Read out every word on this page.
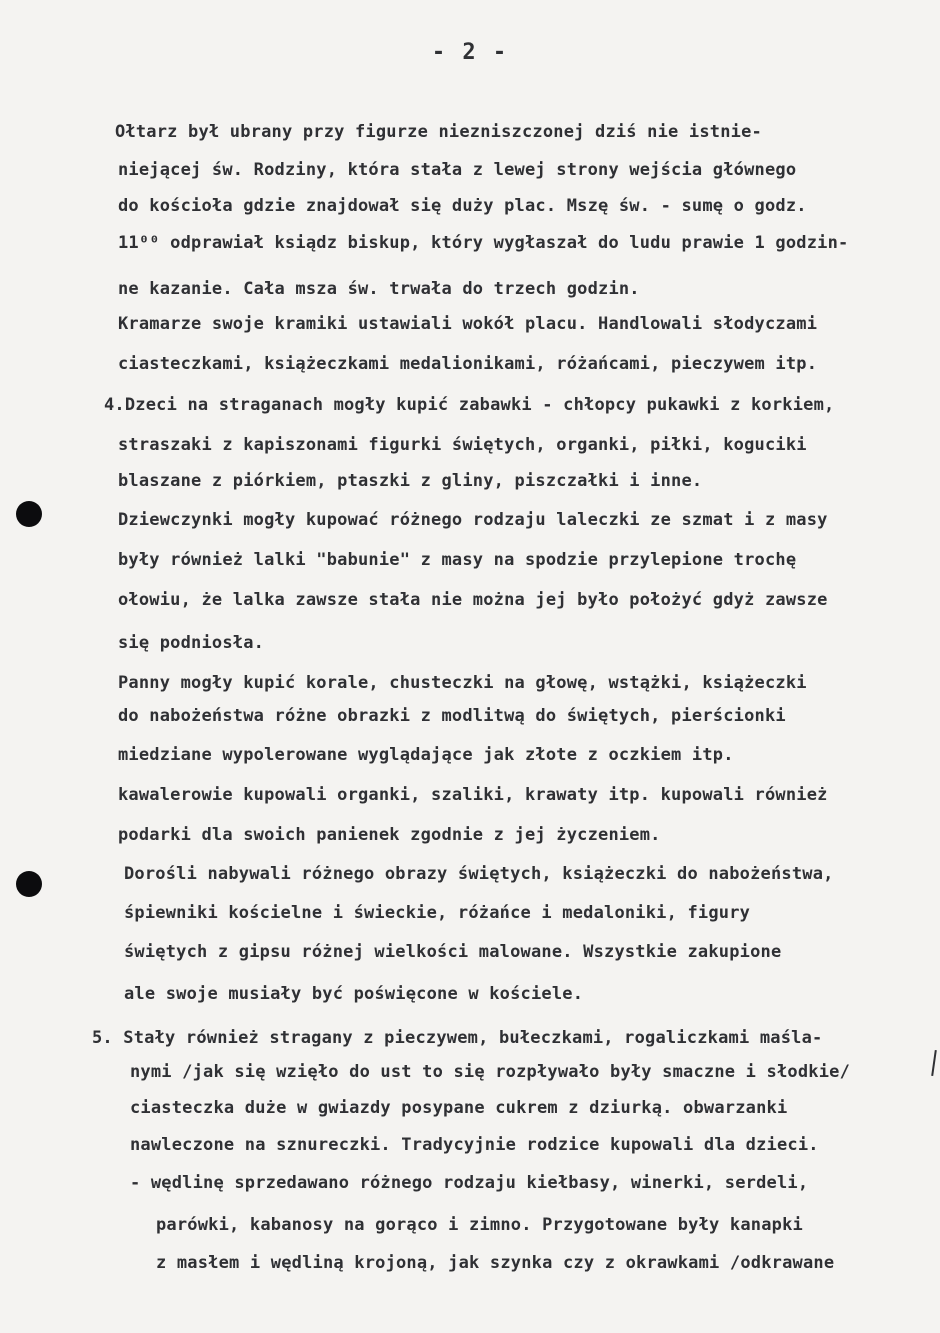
- 2 -
Ołtarz był ubrany przy figurze niezniszczonej dziś nie istnie-
niejącej św. Rodziny, która stała z lewej strony wejścia głównego
do kościoła gdzie znajdował się duży plac. Mszę św. - sumę o godz.
11⁰⁰ odprawiał ksiądz biskup, który wygłaszał do ludu prawie 1 godzin-
ne kazanie. Cała msza św. trwała do trzech godzin.
Kramarze swoje kramiki ustawiali wokół placu. Handlowali słodyczami
ciasteczkami, książeczkami medalionikami, różańcami, pieczywem itp.
4.Dzeci na straganach mogły kupić zabawki - chłopcy pukawki z korkiem,
straszaki z kapiszonami figurki świętych, organki, piłki, koguciki
blaszane z piórkiem, ptaszki z gliny, piszczałki i inne.
Dziewczynki mogły kupować różnego rodzaju laleczki ze szmat i z masy
były również lalki "babunie" z masy na spodzie przylepione trochę
ołowiu, że lalka zawsze stała nie można jej było położyć gdyż zawsze
się podniosła.
Panny mogły kupić korale, chusteczki na głowę, wstążki, książeczki
do nabożeństwa różne obrazki z modlitwą do świętych, pierścionki
miedziane wypolerowane wyglądające jak złote z oczkiem itp.
kawalerowie kupowali organki, szaliki, krawaty itp. kupowali również
podarki dla swoich panienek zgodnie z jej życzeniem.
Dorośli nabywali różnego obrazy świętych, książeczki do nabożeństwa,
śpiewniki kościelne i świeckie, różańce i medaloniki, figury
świętych z gipsu różnej wielkości malowane. Wszystkie zakupione
ale swoje musiały być poświęcone w kościele.
5. Stały również stragany z pieczywem, bułeczkami, rogaliczkami maśla-
nymi /jak się wzięło do ust to się rozpływało były smaczne i słodkie/
ciasteczka duże w gwiazdy posypane cukrem z dziurką. obwarzanki
nawleczone na sznureczki. Tradycyjnie rodzice kupowali dla dzieci.
- wędlinę sprzedawano różnego rodzaju kiełbasy, winerki, serdeli,
parówki, kabanosy na gorąco i zimno. Przygotowane były kanapki
z masłem i wędliną krojoną, jak szynka czy z okrawkami /odkrawane
